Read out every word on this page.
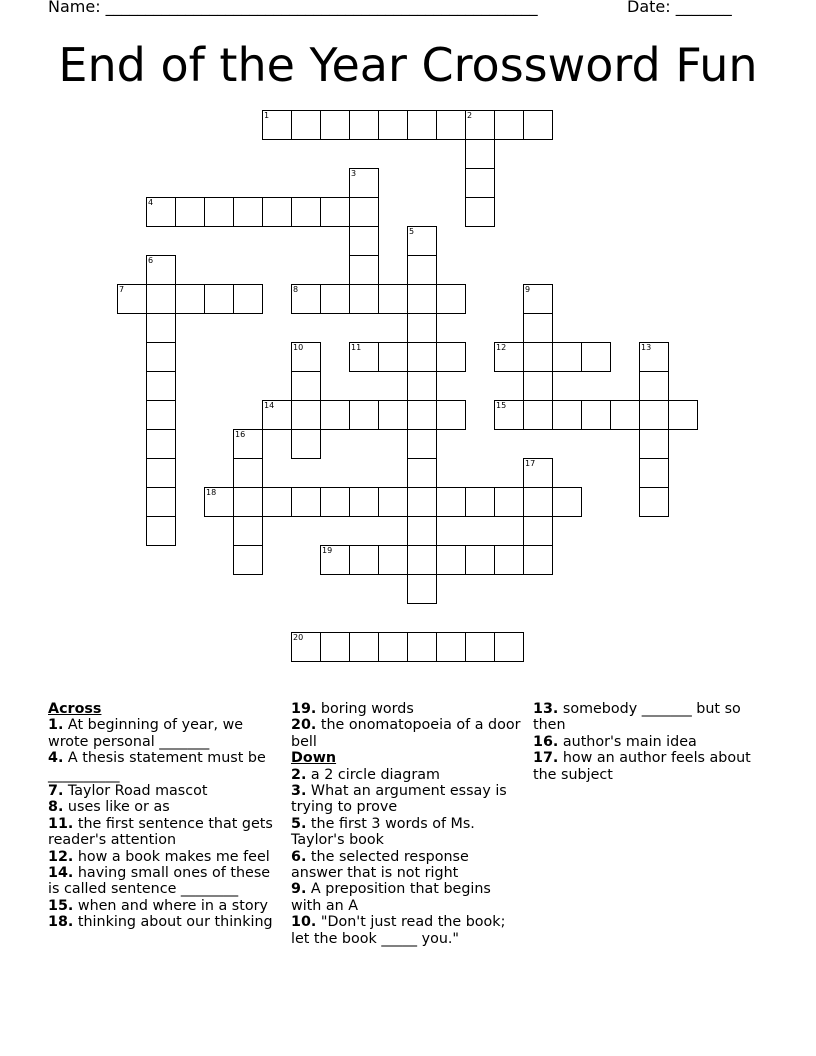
Name: ______________________________________________________	Date: _______
End of the Year Crossword Fun
1	2
3
4
5
6
7	8	9
10	11	12	13
14	15
16
17
18
19
20

Across

1. At beginning of year, we wrote personal _______

4. A thesis statement must be __________

7. Taylor Road mascot

8. uses like or as

11. the first sentence that gets reader's attention

12. how a book makes me feel

14. having small ones of these is called sentence ________

15. when and where in a story

18. thinking about our thinking

19. boring words

20. the onomatopoeia of a door bell

Down

2. a 2 circle diagram

3. What an argument essay is trying to prove

5. the first 3 words of Ms. Taylor's book

6. the selected response answer that is not right

9. A preposition that begins with an A

10. "Don't just read the book; let the book _____ you."

13. somebody _______ but so then

16. author's main idea

17. how an author feels about the subject
